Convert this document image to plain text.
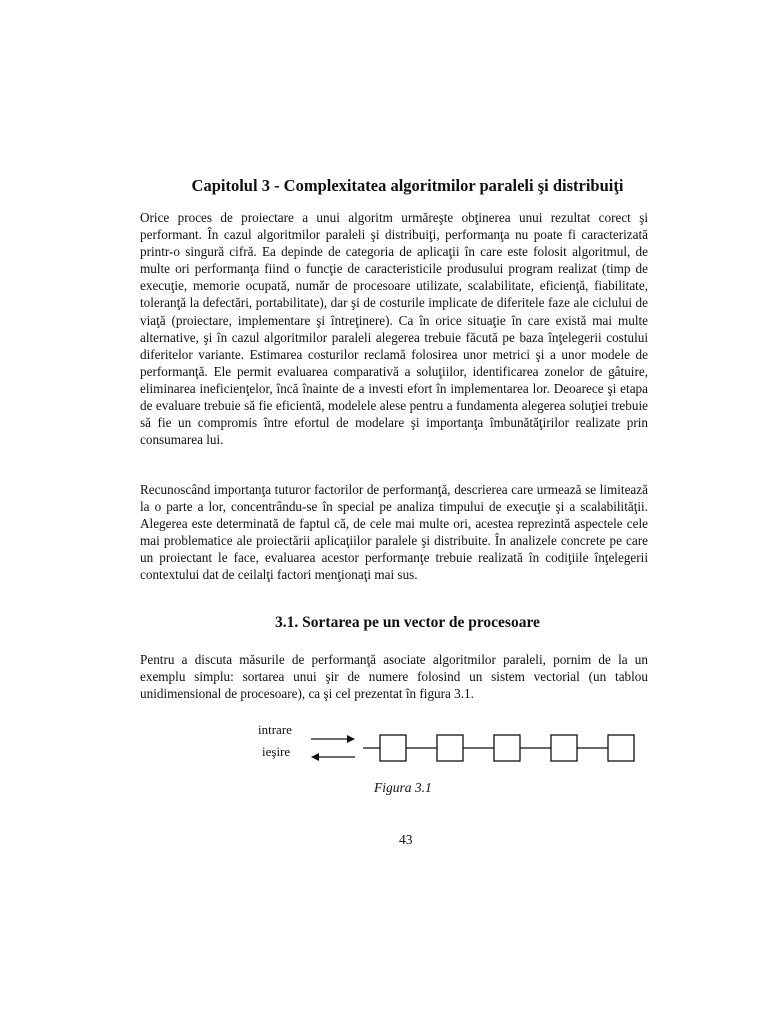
Capitolul 3 - Complexitatea algoritmilor paraleli şi distribuiţi

Orice proces de proiectare a unui algoritm urmăreşte obţinerea unui rezultat corect şi performant. În cazul algoritmilor paraleli şi distribuiţi, performanţa nu poate fi caracterizată printr-o singură cifră. Ea depinde de categoria de aplicaţii în care este folosit algoritmul, de multe ori performanţa fiind o funcţie de caracteristicile produsului program realizat (timp de execuţie, memorie ocupată, număr de procesoare utilizate, scalabilitate, eficienţă, fiabilitate, toleranţă la defectări, portabilitate), dar şi de costurile implicate de diferitele faze ale ciclului de viaţă (proiectare, implementare şi întreţinere). Ca în orice situaţie în care există mai multe alternative, şi în cazul algoritmilor paraleli alegerea trebuie făcută pe baza înţelegerii costului diferitelor variante. Estimarea costurilor reclamă folosirea unor metrici şi a unor modele de performanţă. Ele permit evaluarea comparativă a soluţiilor, identificarea zonelor de gâtuire, eliminarea ineficienţelor, încă înainte de a investi efort în implementarea lor. Deoarece şi etapa de evaluare trebuie să fie eficientă, modelele alese pentru a fundamenta alegerea soluţiei trebuie să fie un compromis între efortul de modelare şi importanţa îmbunătăţirilor realizate prin consumarea lui.

Recunoscând importanţa tuturor factorilor de performanţă, descrierea care urmează se limitează la o parte a lor, concentrându-se în special pe analiza timpului de execuţie şi a scalabilităţii. Alegerea este determinată de faptul că, de cele mai multe ori, acestea reprezintă aspectele cele mai problematice ale proiectării aplicaţiilor paralele şi distribuite. În analizele concrete pe care un proiectant le face, evaluarea acestor performanţe trebuie realizată în codiţiile înţelegerii contextului dat de ceilalţi factori menţionaţi mai sus.

Pentru a discuta măsurile de performanţă asociate algoritmilor paraleli, pornim de la un exemplu simplu: sortarea unui şir de numere folosind un sistem vectorial (un tablou unidimensional de procesoare), ca şi cel prezentat în figura 3.1.

3.1. Sortarea pe un vector de procesoare
intrare
ieşire
Figura 3.1
43
